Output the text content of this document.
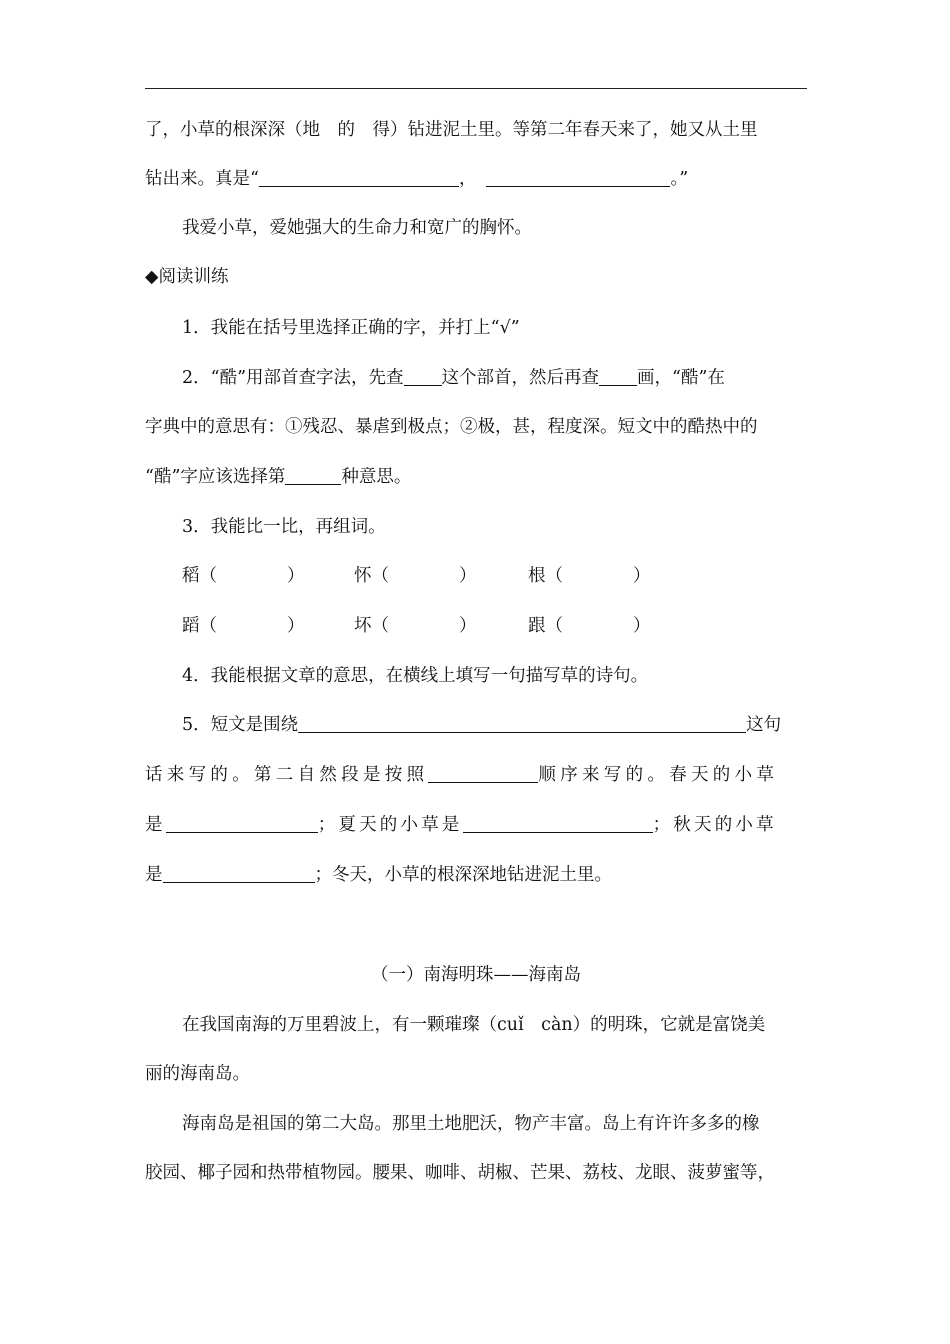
了，小草的根深深（地　的　得）钻进泥土里。等第二年春天来了，她又从土里
钻出来。真是“	，	。”
我爱小草，爱她强大的生命力和宽广的胸怀。
◆阅读训练
1．我能在括号里选择正确的字，并打上“√”
2．“酷”用部首查字法，先查 这个部首，然后再查 画，“酷”在
字典中的意思有：①残忍、暴虐到极点；②极，甚，程度深。短文中的酷热中的
“酷”字应该选择第	种意思。
3．我能比一比，再组词。
稻（　　　　）	怀（　　　　）	根（　　　　）
蹈（　　　　）	坏（　　　　）	跟（　　　　）
4．我能根据文章的意思，在横线上填写一句描写草的诗句。
5．短文是围绕	这句
话来写的。第二自然段是按照	顺序来写的。春天的小草
是	；夏天的小草是	；秋天的小草
是	；冬天，小草的根深深地钻进泥土里。
（一）南海明珠——海南岛
在我国南海的万里碧波上，有一颗璀璨（cuǐ　càn）的明珠，它就是富饶美
丽的海南岛。
海南岛是祖国的第二大岛。那里土地肥沃，物产丰富。岛上有许许多多的橡
胶园、椰子园和热带植物园。腰果、咖啡、胡椒、芒果、荔枝、龙眼、菠萝蜜等，
